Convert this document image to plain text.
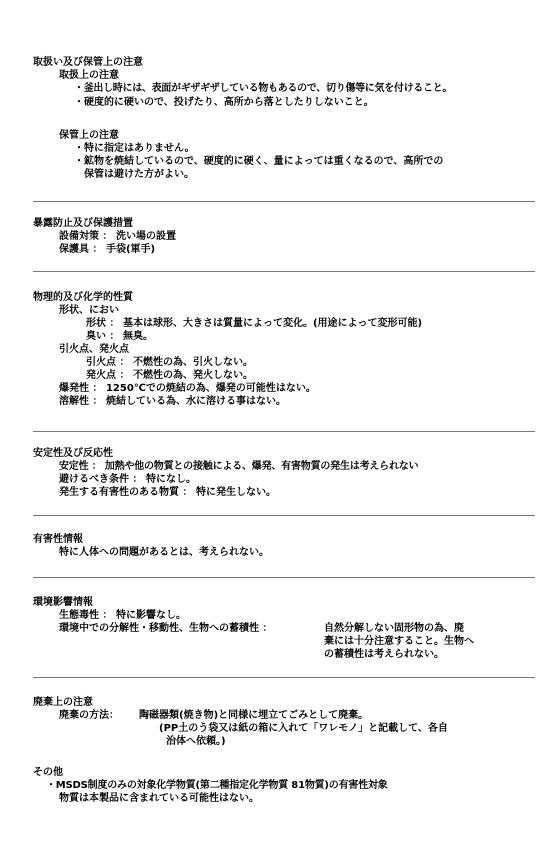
取扱い及び保管上の注意
取扱上の注意
・釜出し時には、表面がギザギザしている物もあるので、切り傷等に気を付けること。
・硬度的に硬いので、投げたり、高所から落としたりしないこと。
保管上の注意
・特に指定はありません。
・鉱物を焼結しているので、硬度的に硬く、量によっては重くなるので、高所での
保管は避けた方がよい。
暴露防止及び保護措置
設備対策 ： 洗い場の設置
保護具 ： 手袋(軍手)
物理的及び化学的性質
形状、におい
形状 ： 基本は球形、大きさは質量によって変化。(用途によって変形可能)
臭い ： 無臭。
引火点、発火点
引火点 ： 不燃性の為、引火しない。
発火点 ： 不燃性の為、発火しない。
爆発性 ： 1250℃での焼結の為、爆発の可能性はない。
溶解性 ： 焼結している為、水に溶ける事はない。
安定性及び反応性
安定性 ： 加熱や他の物質との接触による、爆発、有害物質の発生は考えられない
避けるべき条件 ： 特になし。
発生する有害性のある物質 ： 特に発生しない。
有害性情報
特に人体への問題があるとは、考えられない。
環境影響情報
生態毒性 ： 特に影響なし。
環境中での分解性・移動性、生物への蓄積性 ：	自然分解しない固形物の為、廃
棄には十分注意すること。生物へ
の蓄積性は考えられない。
廃棄上の注意
廃棄の方法： 陶磁器類(焼き物)と同様に埋立てごみとして廃棄。
(PP土のう袋又は紙の箱に入れて「ワレモノ」と記載して、各自
治体へ依頼。)
その他
・MSDS制度のみの対象化学物質(第二種指定化学物質 81物質)の有害性対象
物質は本製品に含まれている可能性はない。
